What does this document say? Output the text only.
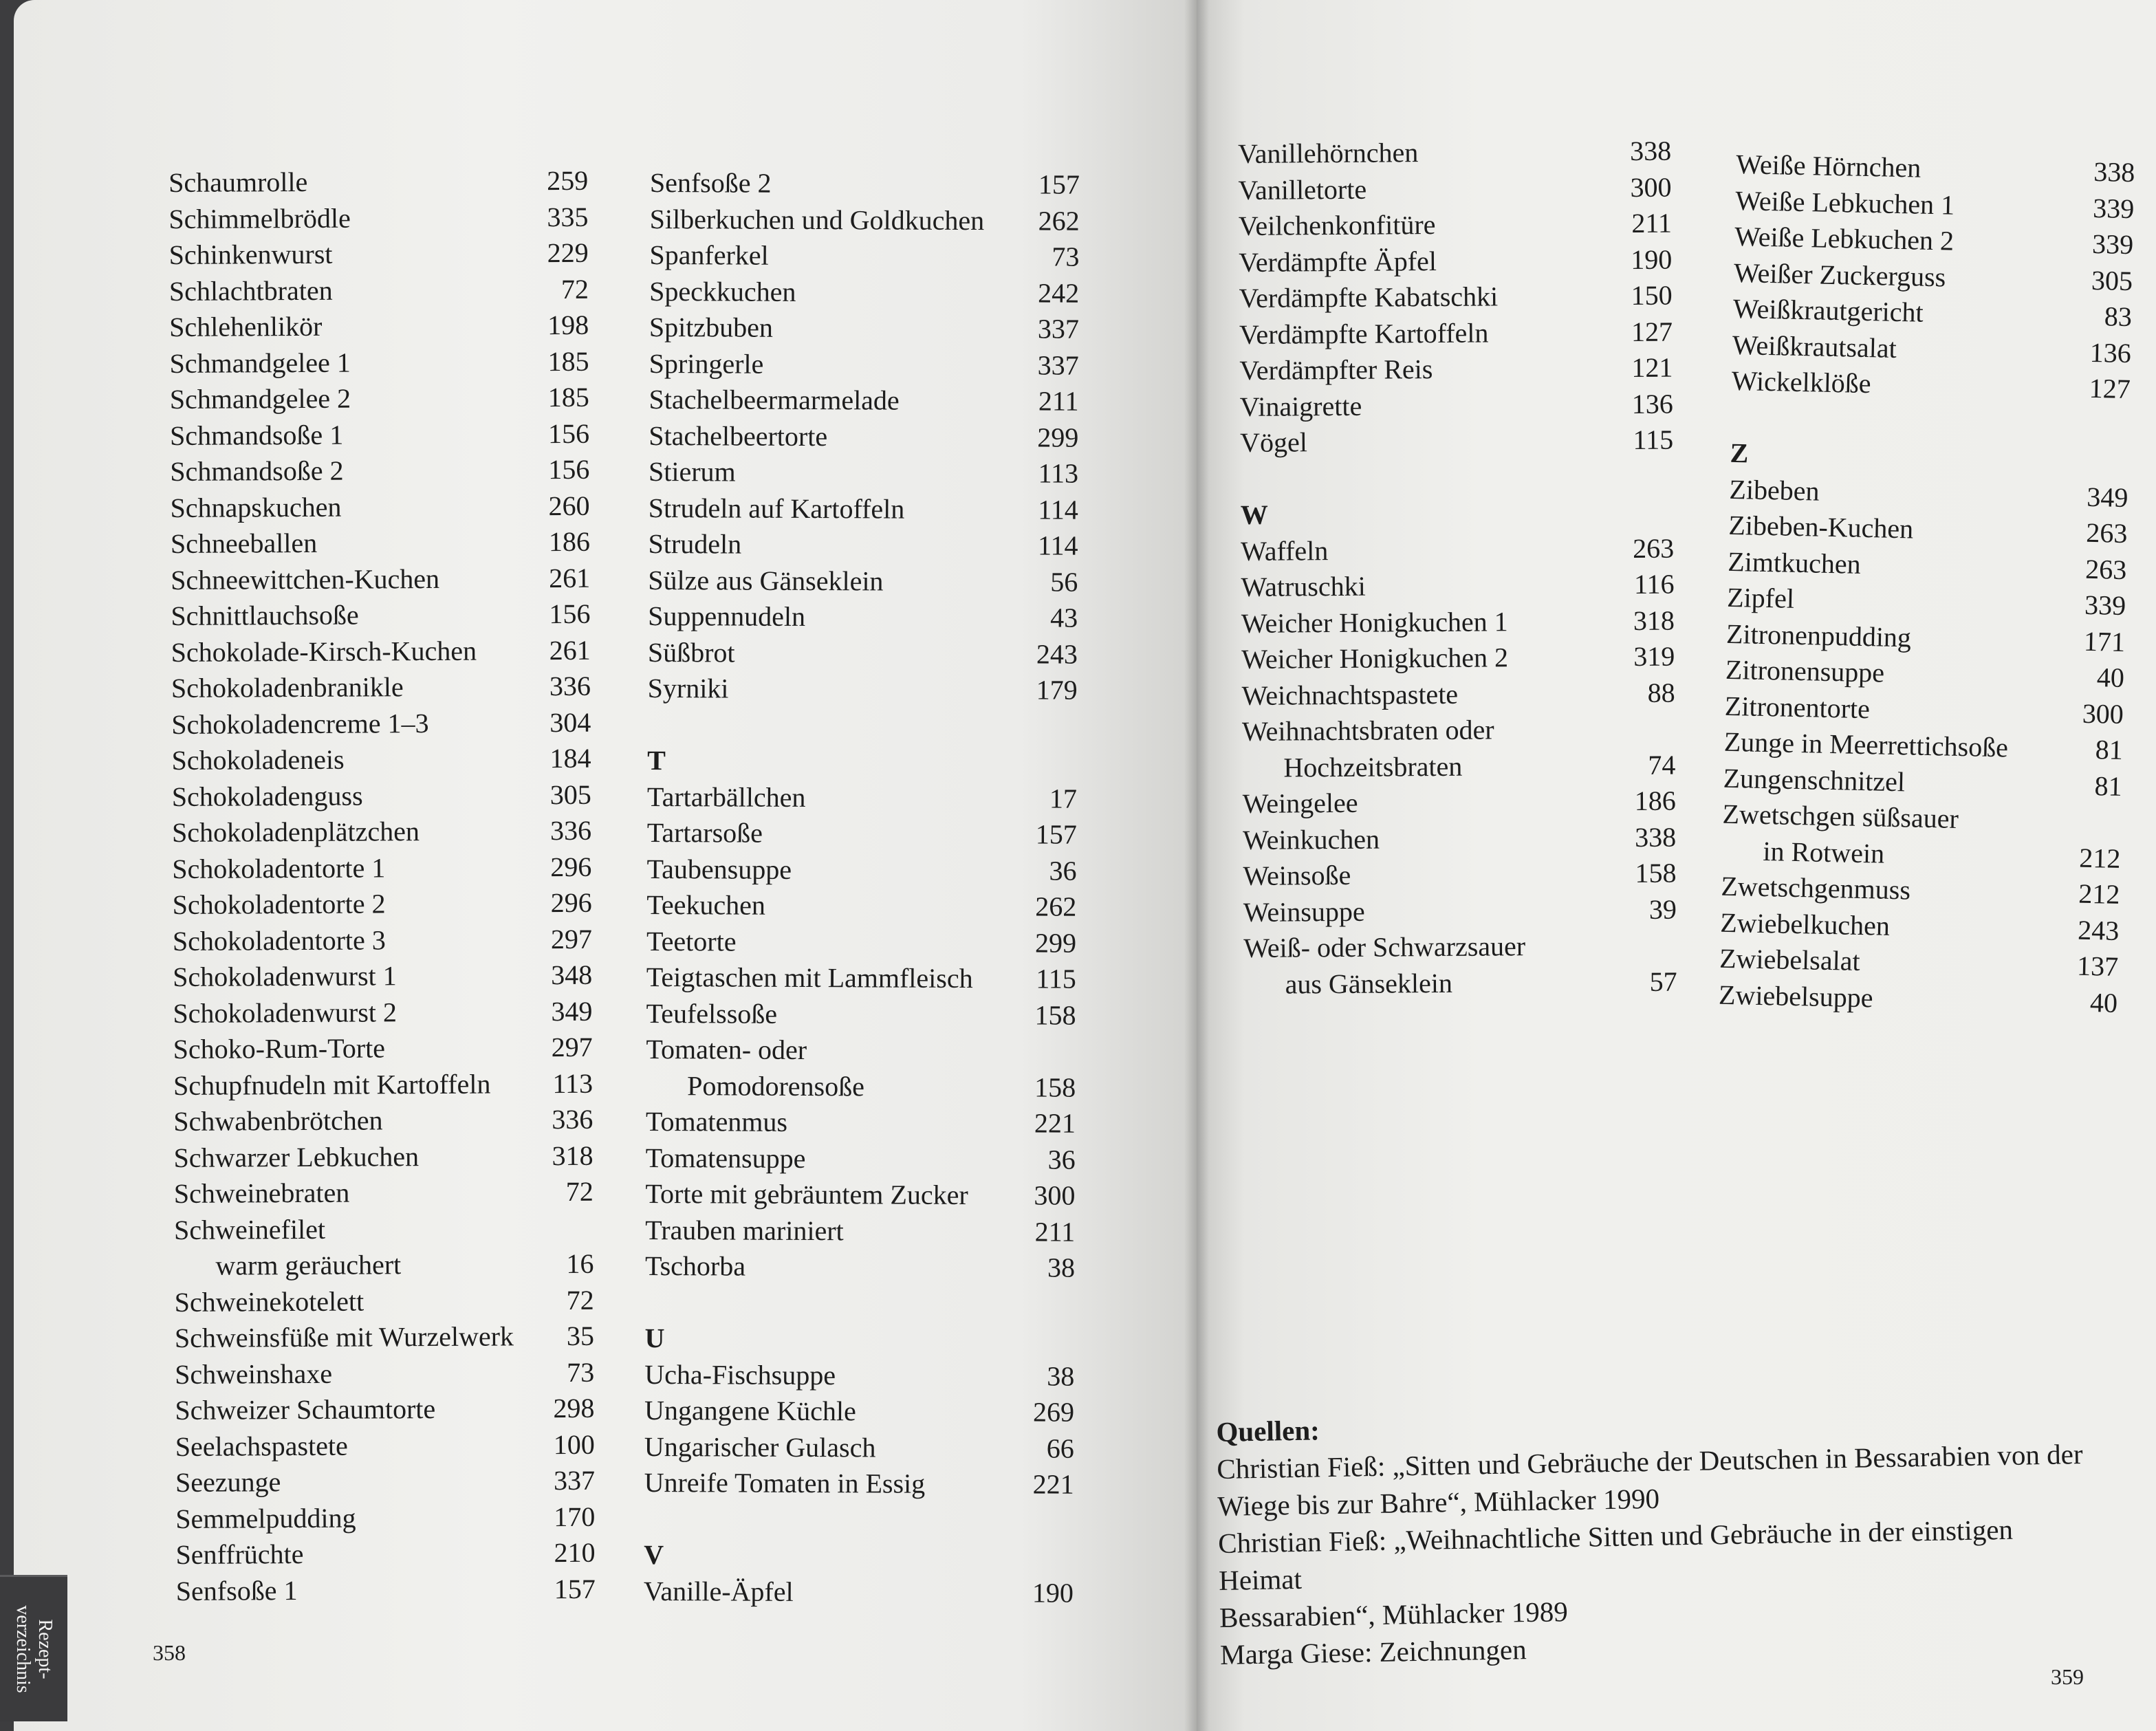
Schaumrolle	259
Schimmelbrödle	335
Schinkenwurst	229
Schlachtbraten	72
Schlehenlikör	198
Schmandgelee 1	185
Schmandgelee 2	185
Schmandsoße 1	156
Schmandsoße 2	156
Schnapskuchen	260
Schneeballen	186
Schneewittchen-Kuchen	261
Schnittlauchsoße	156
Schokolade-Kirsch-Kuchen	261
Schokoladenbranikle	336
Schokoladencreme 1–3	304
Schokoladeneis	184
Schokoladenguss	305
Schokoladenplätzchen	336
Schokoladentorte 1	296
Schokoladentorte 2	296
Schokoladentorte 3	297
Schokoladenwurst 1	348
Schokoladenwurst 2	349
Schoko-Rum-Torte	297
Schupfnudeln mit Kartoffeln	113
Schwabenbrötchen	336
Schwarzer Lebkuchen	318
Schweinebraten	72
Schweinefilet
warm geräuchert	16
Schweinekotelett	72
Schweinsfüße mit Wurzelwerk	35
Schweinshaxe	73
Schweizer Schaumtorte	298
Seelachspastete	100
Seezunge	337
Semmelpudding	170
Senffrüchte	210
Senfsoße 1	157
Senfsoße 2	157
Silberkuchen und Goldkuchen	262
Spanferkel	73
Speckkuchen	242
Spitzbuben	337
Springerle	337
Stachelbeermarmelade	211
Stachelbeertorte	299
Stierum	113
Strudeln auf Kartoffeln	114
Strudeln	114
Sülze aus Gänseklein	56
Suppennudeln	43
Süßbrot	243
Syrniki	179
T
Tartarbällchen	17
Tartarsoße	157
Taubensuppe	36
Teekuchen	262
Teetorte	299
Teigtaschen mit Lammfleisch	115
Teufelssoße	158
Tomaten- oder
Pomodorensoße	158
Tomatenmus	221
Tomatensuppe	36
Torte mit gebräuntem Zucker	300
Trauben mariniert	211
Tschorba	38
U
Ucha-Fischsuppe	38
Ungangene Küchle	269
Ungarischer Gulasch	66
Unreife Tomaten in Essig	221
V
Vanille-Äpfel	190
Vanillehörnchen	338
Vanilletorte	300
Veilchenkonfitüre	211
Verdämpfte Äpfel	190
Verdämpfte Kabatschki	150
Verdämpfte Kartoffeln	127
Verdämpfter Reis	121
Vinaigrette	136
Vögel	115
W
Waffeln	263
Watruschki	116
Weicher Honigkuchen 1	318
Weicher Honigkuchen 2	319
Weichnachtspastete	88
Weihnachtsbraten oder
Hochzeitsbraten	74
Weingelee	186
Weinkuchen	338
Weinsoße	158
Weinsuppe	39
Weiß- oder Schwarzsauer
aus Gänseklein	57
Weiße Hörnchen	338
Weiße Lebkuchen 1	339
Weiße Lebkuchen 2	339
Weißer Zuckerguss	305
Weißkrautgericht	83
Weißkrautsalat	136
Wickelklöße	127
Z
Zibeben	349
Zibeben-Kuchen	263
Zimtkuchen	263
Zipfel	339
Zitronenpudding	171
Zitronensuppe	40
Zitronentorte	300
Zunge in Meerrettichsoße	81
Zungenschnitzel	81
Zwetschgen süßsauer
in Rotwein	212
Zwetschgenmuss	212
Zwiebelkuchen	243
Zwiebelsalat	137
Zwiebelsuppe	40
Quellen:
Christian Fieß: „Sitten und Gebräuche der Deutschen in Bessarabien von der
Wiege bis zur Bahre“, Mühlacker 1990
Christian Fieß: „Weihnachtliche Sitten und Gebräuche in der einstigen Heimat
Bessarabien“, Mühlacker 1989
Marga Giese: Zeichnungen
358
359
Rezept-
verzeichnis
